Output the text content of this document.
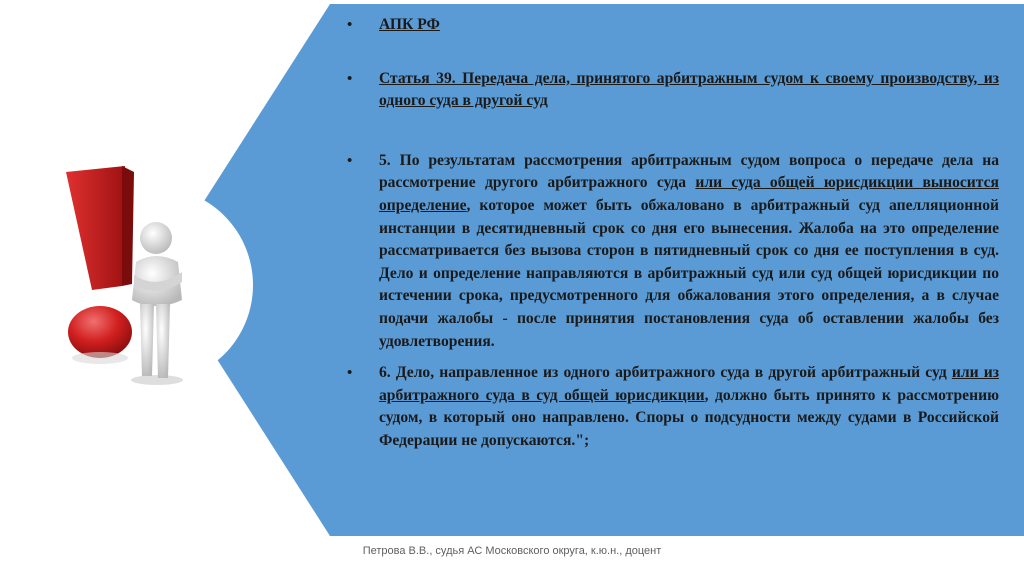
• АПК РФ
• Статья 39. Передача дела, принятого арбитражным судом к своему производству, из одного суда в другой суд
• 5. По результатам рассмотрения арбитражным судом вопроса о передаче дела на рассмотрение другого арбитражного суда или суда общей юрисдикции выносится определение, которое может быть обжаловано в арбитражный суд апелляционной инстанции в десятидневный срок со дня его вынесения. Жалоба на это определение рассматривается без вызова сторон в пятидневный срок со дня ее поступления в суд. Дело и определение направляются в арбитражный суд или суд общей юрисдикции по истечении срока, предусмотренного для обжалования этого определения, а в случае подачи жалобы - после принятия постановления суда об оставлении жалобы без удовлетворения.
• 6. Дело, направленное из одного арбитражного суда в другой арбитражный суд или из арбитражного суда в суд общей юрисдикции, должно быть принято к рассмотрению судом, в который оно направлено. Споры о подсудности между судами в Российской Федерации не допускаются.";
Петрова В.В., судья АС Московского округа, к.ю.н., доцент
